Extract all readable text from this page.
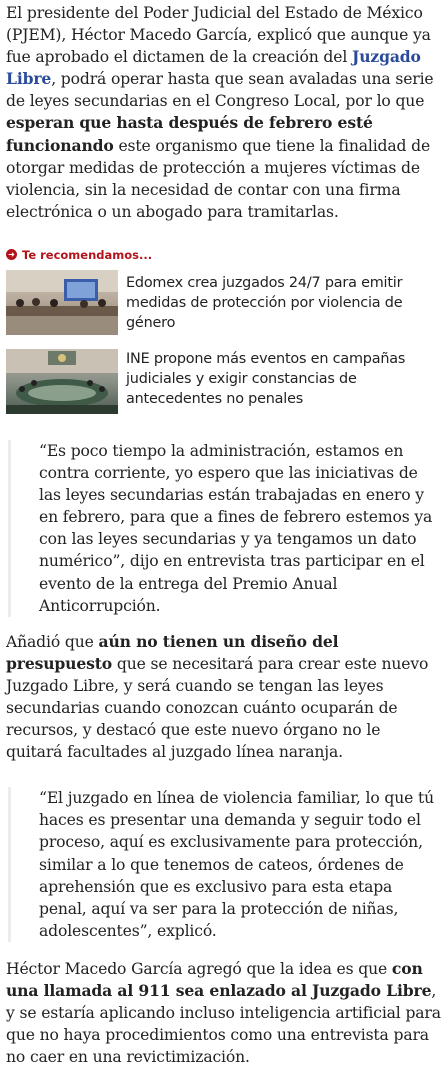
El presidente del Poder Judicial del Estado de México (PJEM), Héctor Macedo García, explicó que aunque ya fue aprobado el dictamen de la creación del Juzgado Libre, podrá operar hasta que sean avaladas una serie de leyes secundarias en el Congreso Local, por lo que esperan que hasta después de febrero esté funcionando este organismo que tiene la finalidad de otorgar medidas de protección a mujeres víctimas de violencia, sin la necesidad de contar con una firma electrónica o un abogado para tramitarlas.

➜ Te recomendamos...
Edomex crea juzgados 24/7 para emitir medidas de protección por violencia de género
INE propone más eventos en campañas judiciales y exigir constancias de antecedentes no penales

“Es poco tiempo la administración, estamos en contra corriente, yo espero que las iniciativas de las leyes secundarias están trabajadas en enero y en febrero, para que a fines de febrero estemos ya con las leyes secundarias y ya tengamos un dato numérico”, dijo en entrevista tras participar en el evento de la entrega del Premio Anual Anticorrupción.

Añadió que aún no tienen un diseño del presupuesto que se necesitará para crear este nuevo Juzgado Libre, y será cuando se tengan las leyes secundarias cuando conozcan cuánto ocuparán de recursos, y destacó que este nuevo órgano no le quitará facultades al juzgado línea naranja.

“El juzgado en línea de violencia familiar, lo que tú haces es presentar una demanda y seguir todo el proceso, aquí es exclusivamente para protección, similar a lo que tenemos de cateos, órdenes de aprehensión que es exclusivo para esta etapa penal, aquí va ser para la protección de niñas, adolescentes”, explicó.

Héctor Macedo García agregó que la idea es que con una llamada al 911 sea enlazado al Juzgado Libre, y se estaría aplicando incluso inteligencia artificial para que no haya procedimientos como una entrevista para no caer en una revictimización.
